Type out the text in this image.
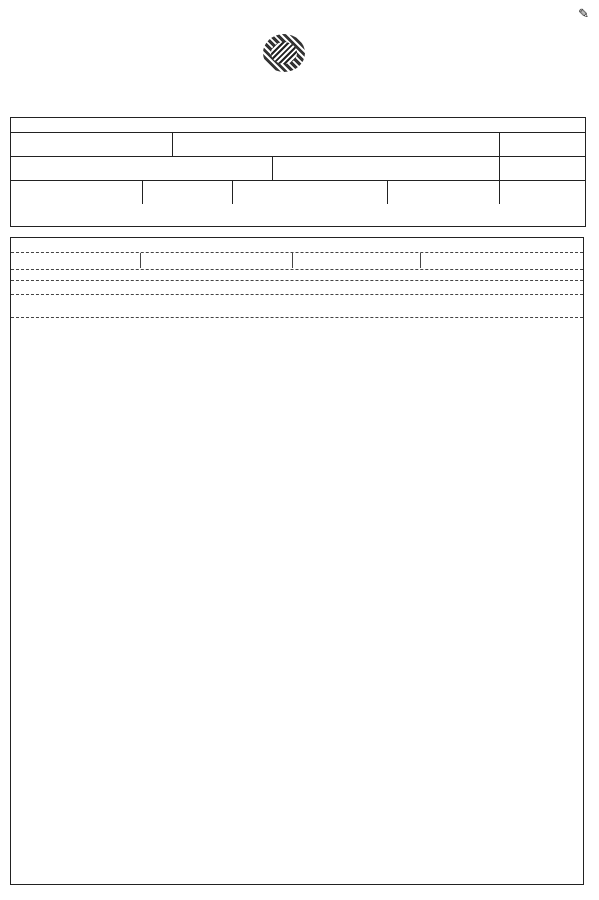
✎
